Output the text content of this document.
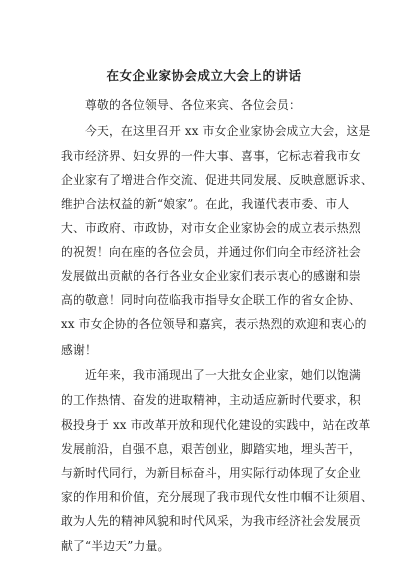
在女企业家协会成立大会上的讲话
尊敬的各位领导、各位来宾、各位会员：
今天，在这里召开 xx 市女企业家协会成立大会，这是
我市经济界、妇女界的一件大事、喜事，它标志着我市女
企业家有了增进合作交流、促进共同发展、反映意愿诉求、
维护合法权益的新“娘家”。在此，我谨代表市委、市人
大、市政府、市政协，对市女企业家协会的成立表示热烈
的祝贺！向在座的各位会员，并通过你们向全市经济社会
发展做出贡献的各行各业女企业家们表示衷心的感谢和崇
高的敬意！同时向莅临我市指导女企联工作的省女企协、
xx 市女企协的各位领导和嘉宾，表示热烈的欢迎和衷心的
感谢！
近年来，我市涌现出了一大批女企业家，她们以饱满
的工作热情、奋发的进取精神，主动适应新时代要求，积
极投身于 xx 市改革开放和现代化建设的实践中，站在改革
发展前沿，自强不息，艰苦创业，脚踏实地，埋头苦干，
与新时代同行，为新目标奋斗，用实际行动体现了女企业
家的作用和价值，充分展现了我市现代女性巾帼不让须眉、
敢为人先的精神风貌和时代风采，为我市经济社会发展贡
献了“半边天”力量。
